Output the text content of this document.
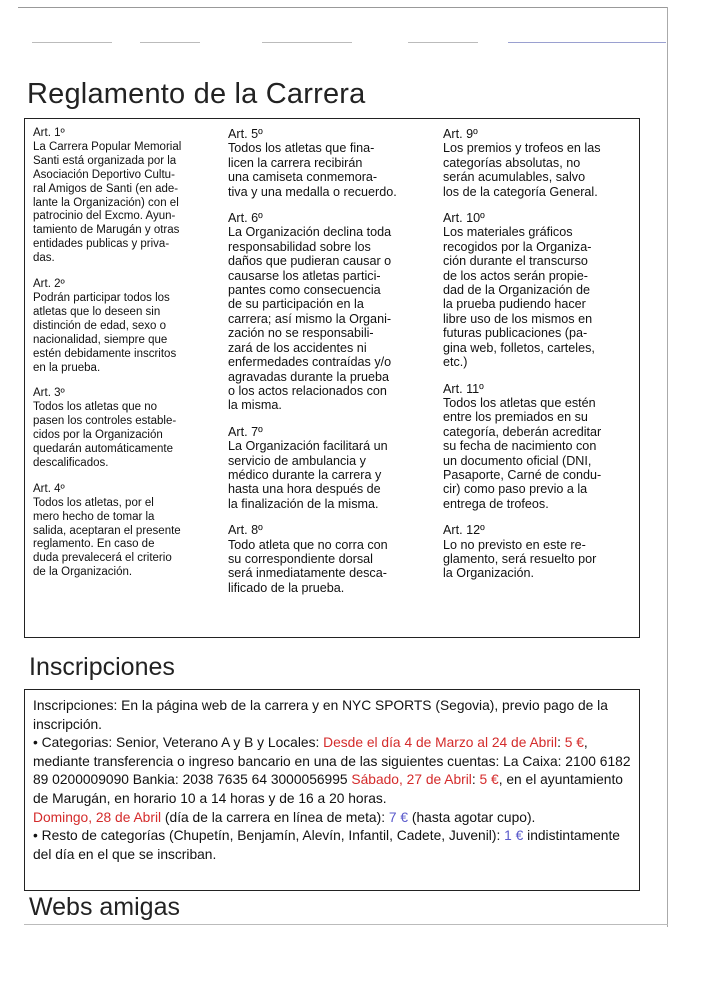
Reglamento de la Carrera
Art. 1º
La Carrera Popular Memorial
Santi está organizada por la
Asociación Deportivo Cultu-
ral Amigos de Santi (en ade-
lante la Organización) con el
patrocinio del Excmo. Ayun-
tamiento de Marugán y otras
entidades publicas y priva-
das.
Art. 2º
Podrán participar todos los
atletas que lo deseen sin
distinción de edad, sexo o
nacionalidad, siempre que
estén debidamente inscritos
en la prueba.
Art. 3º
Todos los atletas que no
pasen los controles estable-
cidos por la Organización
quedarán automáticamente
descalificados.
Art. 4º
Todos los atletas, por el
mero hecho de tomar la
salida, aceptaran el presente
reglamento. En caso de
duda prevalecerá el criterio
de la Organización.
Art. 5º
Todos los atletas que fina-
licen la carrera recibirán
una camiseta conmemora-
tiva y una medalla o recuerdo.
Art. 6º
La Organización declina toda
responsabilidad sobre los
daños que pudieran causar o
causarse los atletas partici-
pantes como consecuencia
de su participación en la
carrera; así mismo la Organi-
zación no se responsabili-
zará de los accidentes ni
enfermedades contraídas y/o
agravadas durante la prueba
o los actos relacionados con
la misma.
Art. 7º
La Organización facilitará un
servicio de ambulancia y
médico durante la carrera y
hasta una hora después de
la finalización de la misma.
Art. 8º
Todo atleta que no corra con
su correspondiente dorsal
será inmediatamente desca-
lificado de la prueba.
Art. 9º
Los premios y trofeos en las
categorías absolutas, no
serán acumulables, salvo
los de la categoría General.
Art. 10º
Los materiales gráficos
recogidos por la Organiza-
ción durante el transcurso
de los actos serán propie-
dad de la Organización de
la prueba pudiendo hacer
libre uso de los mismos en
futuras publicaciones (pa-
gina web, folletos, carteles,
etc.)
Art. 11º
Todos los atletas que estén
entre los premiados en su
categoría, deberán acreditar
su fecha de nacimiento con
un documento oficial (DNI,
Pasaporte, Carné de condu-
cir) como paso previo a la
entrega de trofeos.
Art. 12º
Lo no previsto en este re-
glamento, será resuelto por
la Organización.
Inscripciones

Inscripciones: En la página web de la carrera y en NYC SPORTS (Segovia), previo pago de la inscripción.

• Categorias: Senior, Veterano A y B y Locales: Desde el día 4 de Marzo al 24 de Abril: 5 €, mediante transferencia o ingreso bancario en una de las siguientes cuentas: La Caixa: 2100 6182 89 0200009090 Bankia: 2038 7635 64 3000056995 Sábado, 27 de Abril: 5 €, en el ayuntamiento de Marugán, en horario 10 a 14 horas y de 16 a 20 horas.

Domingo, 28 de Abril (día de la carrera en línea de meta): 7 € (hasta agotar cupo).

• Resto de categorías (Chupetín, Benjamín, Alevín, Infantil, Cadete, Juvenil): 1 € indistintamente del día en el que se inscriban.

Webs amigas
